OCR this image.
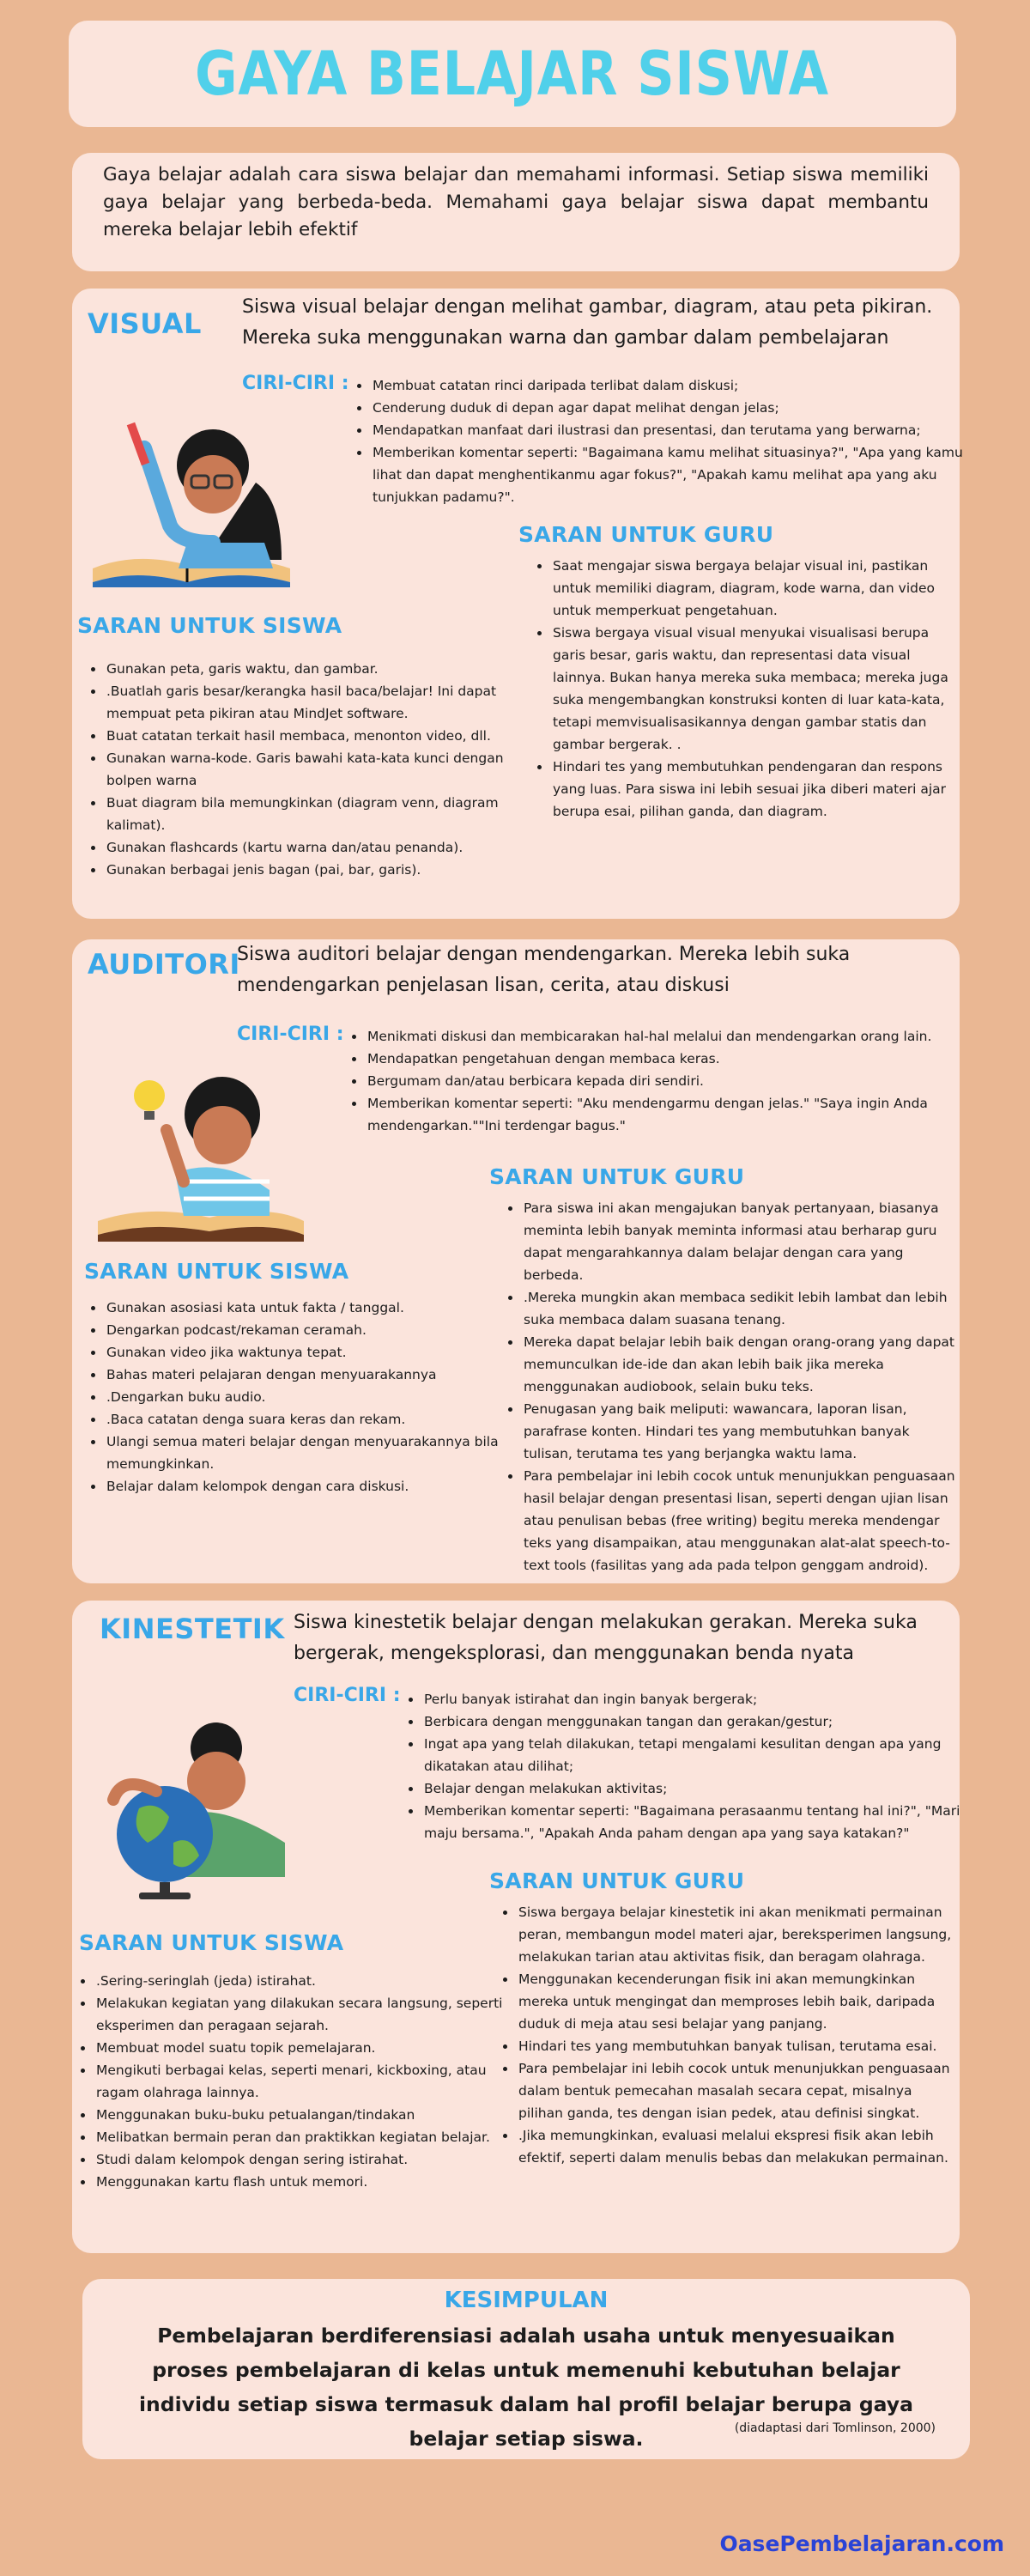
GAYA BELAJAR SISWA

Gaya belajar adalah cara siswa belajar dan memahami informasi. Setiap siswa memiliki gaya belajar yang berbeda-beda. Memahami gaya belajar siswa dapat membantu mereka belajar lebih efektif

VISUAL

Siswa visual belajar dengan melihat gambar, diagram, atau peta pikiran. Mereka suka menggunakan warna dan gambar dalam pembelajaran

CIRI-CIRI : • Membuat catatan rinci daripada terlibat dalam diskusi;
• Cenderung duduk di depan agar dapat melihat dengan jelas;
• Mendapatkan manfaat dari ilustrasi dan presentasi, dan terutama yang berwarna;
• Memberikan komentar seperti: "Bagaimana kamu melihat situasinya?", "Apa yang kamu lihat dan dapat menghentikanmu agar fokus?", "Apakah kamu melihat apa yang aku tunjukkan padamu?".
SARAN UNTUK GURU
• Saat mengajar siswa bergaya belajar visual ini, pastikan untuk memiliki diagram, diagram, kode warna, dan video untuk memperkuat pengetahuan.
• Siswa bergaya visual visual menyukai visualisasi berupa garis besar, garis waktu, dan representasi data visual lainnya. Bukan hanya mereka suka membaca; mereka juga suka mengembangkan konstruksi konten di luar kata-kata, tetapi memvisualisasikannya dengan gambar statis dan gambar bergerak. .
• Hindari tes yang membutuhkan pendengaran dan respons yang luas. Para siswa ini lebih sesuai jika diberi materi ajar berupa esai, pilihan ganda, dan diagram.
SARAN UNTUK SISWA
• Gunakan peta, garis waktu, dan gambar.
• .Buatlah garis besar/kerangka hasil baca/belajar! Ini dapat mempuat peta pikiran atau MindJet software.
• Buat catatan terkait hasil membaca, menonton video, dll.
• Gunakan warna-kode. Garis bawahi kata-kata kunci dengan bolpen warna
• Buat diagram bila memungkinkan (diagram venn, diagram kalimat).
• Gunakan flashcards (kartu warna dan/atau penanda).
• Gunakan berbagai jenis bagan (pai, bar, garis).
AUDITORI

Siswa auditori belajar dengan mendengarkan. Mereka lebih suka mendengarkan penjelasan lisan, cerita, atau diskusi

CIRI-CIRI : • Menikmati diskusi dan membicarakan hal-hal melalui dan mendengarkan orang lain.
• Mendapatkan pengetahuan dengan membaca keras.
• Bergumam dan/atau berbicara kepada diri sendiri.
• Memberikan komentar seperti: "Aku mendengarmu dengan jelas." "Saya ingin Anda mendengarkan.""Ini terdengar bagus."
SARAN UNTUK GURU
• Para siswa ini akan mengajukan banyak pertanyaan, biasanya meminta lebih banyak meminta informasi atau berharap guru dapat mengarahkannya dalam belajar dengan cara yang berbeda.
• .Mereka mungkin akan membaca sedikit lebih lambat dan lebih suka membaca dalam suasana tenang.
• Mereka dapat belajar lebih baik dengan orang-orang yang dapat memunculkan ide-ide dan akan lebih baik jika mereka menggunakan audiobook, selain buku teks.
• Penugasan yang baik meliputi: wawancara, laporan lisan, parafrase konten. Hindari tes yang membutuhkan banyak tulisan, terutama tes yang berjangka waktu lama.
• Para pembelajar ini lebih cocok untuk menunjukkan penguasaan hasil belajar dengan presentasi lisan, seperti dengan ujian lisan atau penulisan bebas (free writing) begitu mereka mendengar teks yang disampaikan, atau menggunakan alat-alat speech-to-text tools (fasilitas yang ada pada telpon genggam android).
SARAN UNTUK SISWA
• Gunakan asosiasi kata untuk fakta / tanggal.
• Dengarkan podcast/rekaman ceramah.
• Gunakan video jika waktunya tepat.
• Bahas materi pelajaran dengan menyuarakannya
• .Dengarkan buku audio.
• .Baca catatan denga suara keras dan rekam.
• Ulangi semua materi belajar dengan menyuarakannya bila memungkinkan.
• Belajar dalam kelompok dengan cara diskusi.
KINESTETIK Siswa kinestetik belajar dengan melakukan gerakan. Mereka suka bergerak, mengeksplorasi, dan menggunakan benda nyata

CIRI-CIRI : • Perlu banyak istirahat dan ingin banyak bergerak;
• Berbicara dengan menggunakan tangan dan gerakan/gestur;
• Ingat apa yang telah dilakukan, tetapi mengalami kesulitan dengan apa yang dikatakan atau dilihat;
• Belajar dengan melakukan aktivitas;
• Memberikan komentar seperti: "Bagaimana perasaanmu tentang hal ini?", "Mari maju bersama.", "Apakah Anda paham dengan apa yang saya katakan?"
SARAN UNTUK GURU
• Siswa bergaya belajar kinestetik ini akan menikmati permainan peran, membangun model materi ajar, bereksperimen langsung, melakukan tarian atau aktivitas fisik, dan beragam olahraga.
• Menggunakan kecenderungan fisik ini akan memungkinkan mereka untuk mengingat dan memproses lebih baik, daripada duduk di meja atau sesi belajar yang panjang.
• Hindari tes yang membutuhkan banyak tulisan, terutama esai.
• Para pembelajar ini lebih cocok untuk menunjukkan penguasaan dalam bentuk pemecahan masalah secara cepat, misalnya pilihan ganda, tes dengan isian pedek, atau definisi singkat.
• .Jika memungkinkan, evaluasi melalui ekspresi fisik akan lebih efektif, seperti dalam menulis bebas dan melakukan permainan.
SARAN UNTUK SISWA
• .Sering-seringlah (jeda) istirahat.
• Melakukan kegiatan yang dilakukan secara langsung, seperti eksperimen dan peragaan sejarah.
• Membuat model suatu topik pemelajaran.
• Mengikuti berbagai kelas, seperti menari, kickboxing, atau ragam olahraga lainnya.
• Menggunakan buku-buku petualangan/tindakan
• Melibatkan bermain peran dan praktikkan kegiatan belajar.
• Studi dalam kelompok dengan sering istirahat.
• Menggunakan kartu flash untuk memori.
KESIMPULAN

Pembelajaran berdiferensiasi adalah usaha untuk menyesuaikan proses pembelajaran di kelas untuk memenuhi kebutuhan belajar individu setiap siswa termasuk dalam hal profil belajar berupa gaya belajar setiap siswa.	(diadaptasi dari Tomlinson, 2000)
OasePembelajaran.com
